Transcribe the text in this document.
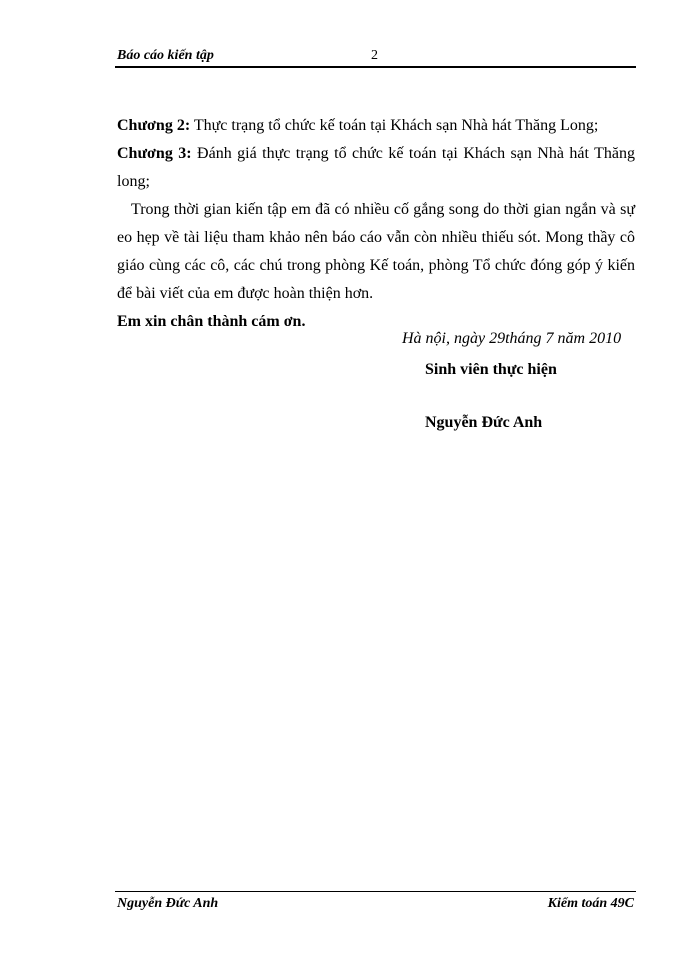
Báo cáo kiến tập	2

Chương 2: Thực trạng tổ chức kế toán tại Khách sạn Nhà hát Thăng Long;

Chương 3: Đánh giá thực trạng tổ chức kế toán tại Khách sạn Nhà hát Thăng long;

Trong thời gian kiến tập em đã có nhiều cố gắng song do thời gian ngắn và sự eo hẹp về tài liệu tham khảo nên báo cáo vẫn còn nhiều thiếu sót. Mong thầy cô giáo cùng các cô, các chú trong phòng Kế toán, phòng Tổ chức đóng góp ý kiến để bài viết của em được hoàn thiện hơn.

Em xin chân thành cám ơn.

Hà nội, ngày 29tháng 7 năm 2010
Sinh viên thực hiện
Nguyễn Đức Anh
Nguyễn Đức Anh	Kiểm toán 49C
